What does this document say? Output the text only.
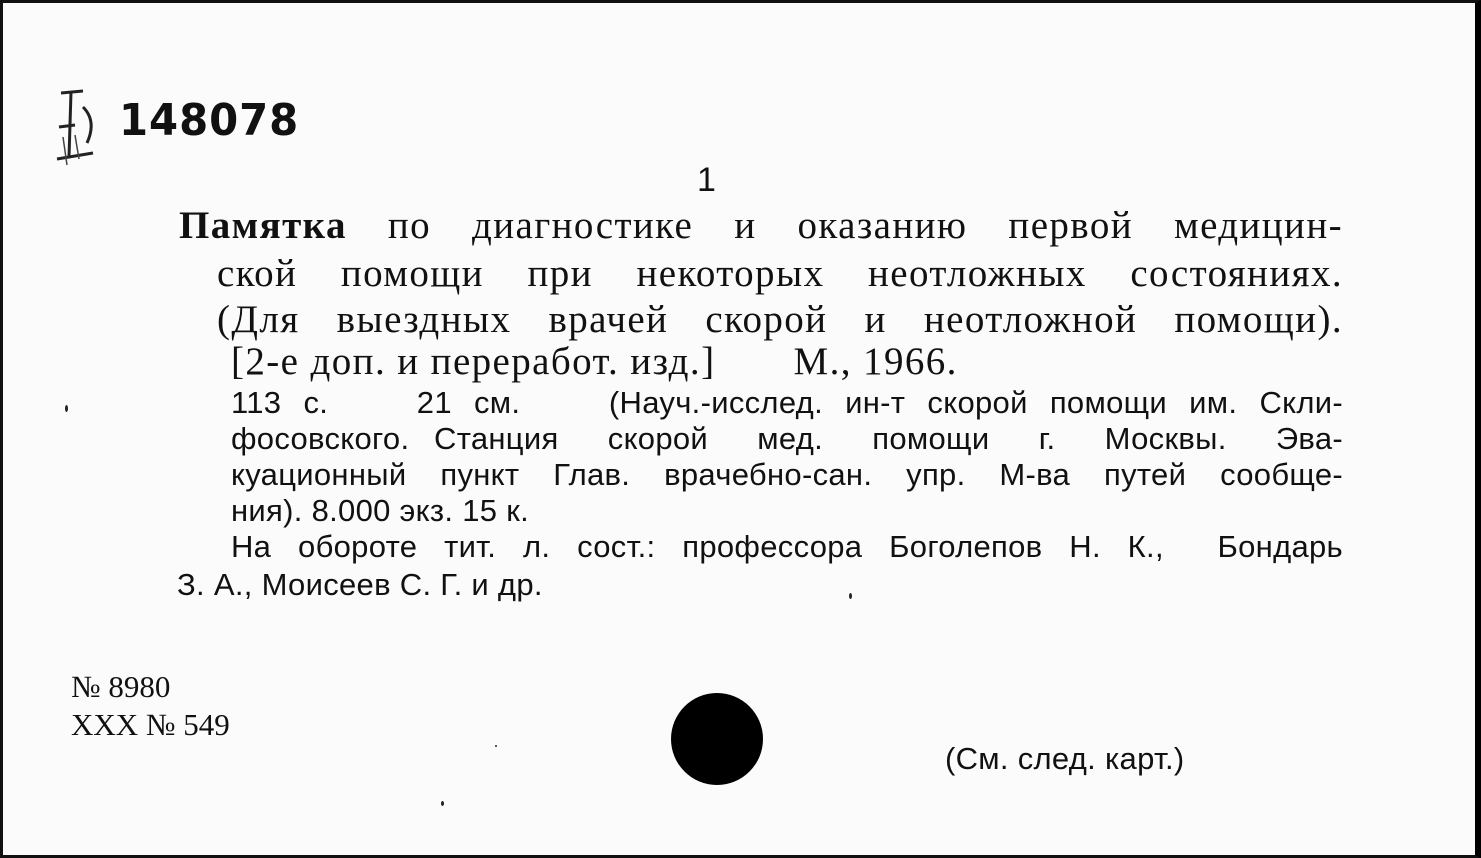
148078
1
Памятка по диагностике и оказанию первой медицин-
ской помощи при некоторых неотложных состояниях.
(Для выездных врачей скорой и неотложной помощи).
[2-е доп. и переработ. изд.]       М., 1966.
113 с.    21 см.    (Науч.-исслед. ин-т скорой помощи им. Скли-
фосовского. Станция  скорой  мед.  помощи  г.  Москвы.  Эва-
куационный пункт Глав. врачебно-сан. упр. М-ва путей сообще-
ния). 8.000 экз. 15 к.
На обороте тит. л. сост.: профессора Боголепов Н. К.,  Бондарь
З. А., Моисеев С. Г. и др.
№ 8980
XXX № 549
(См. след. карт.)
